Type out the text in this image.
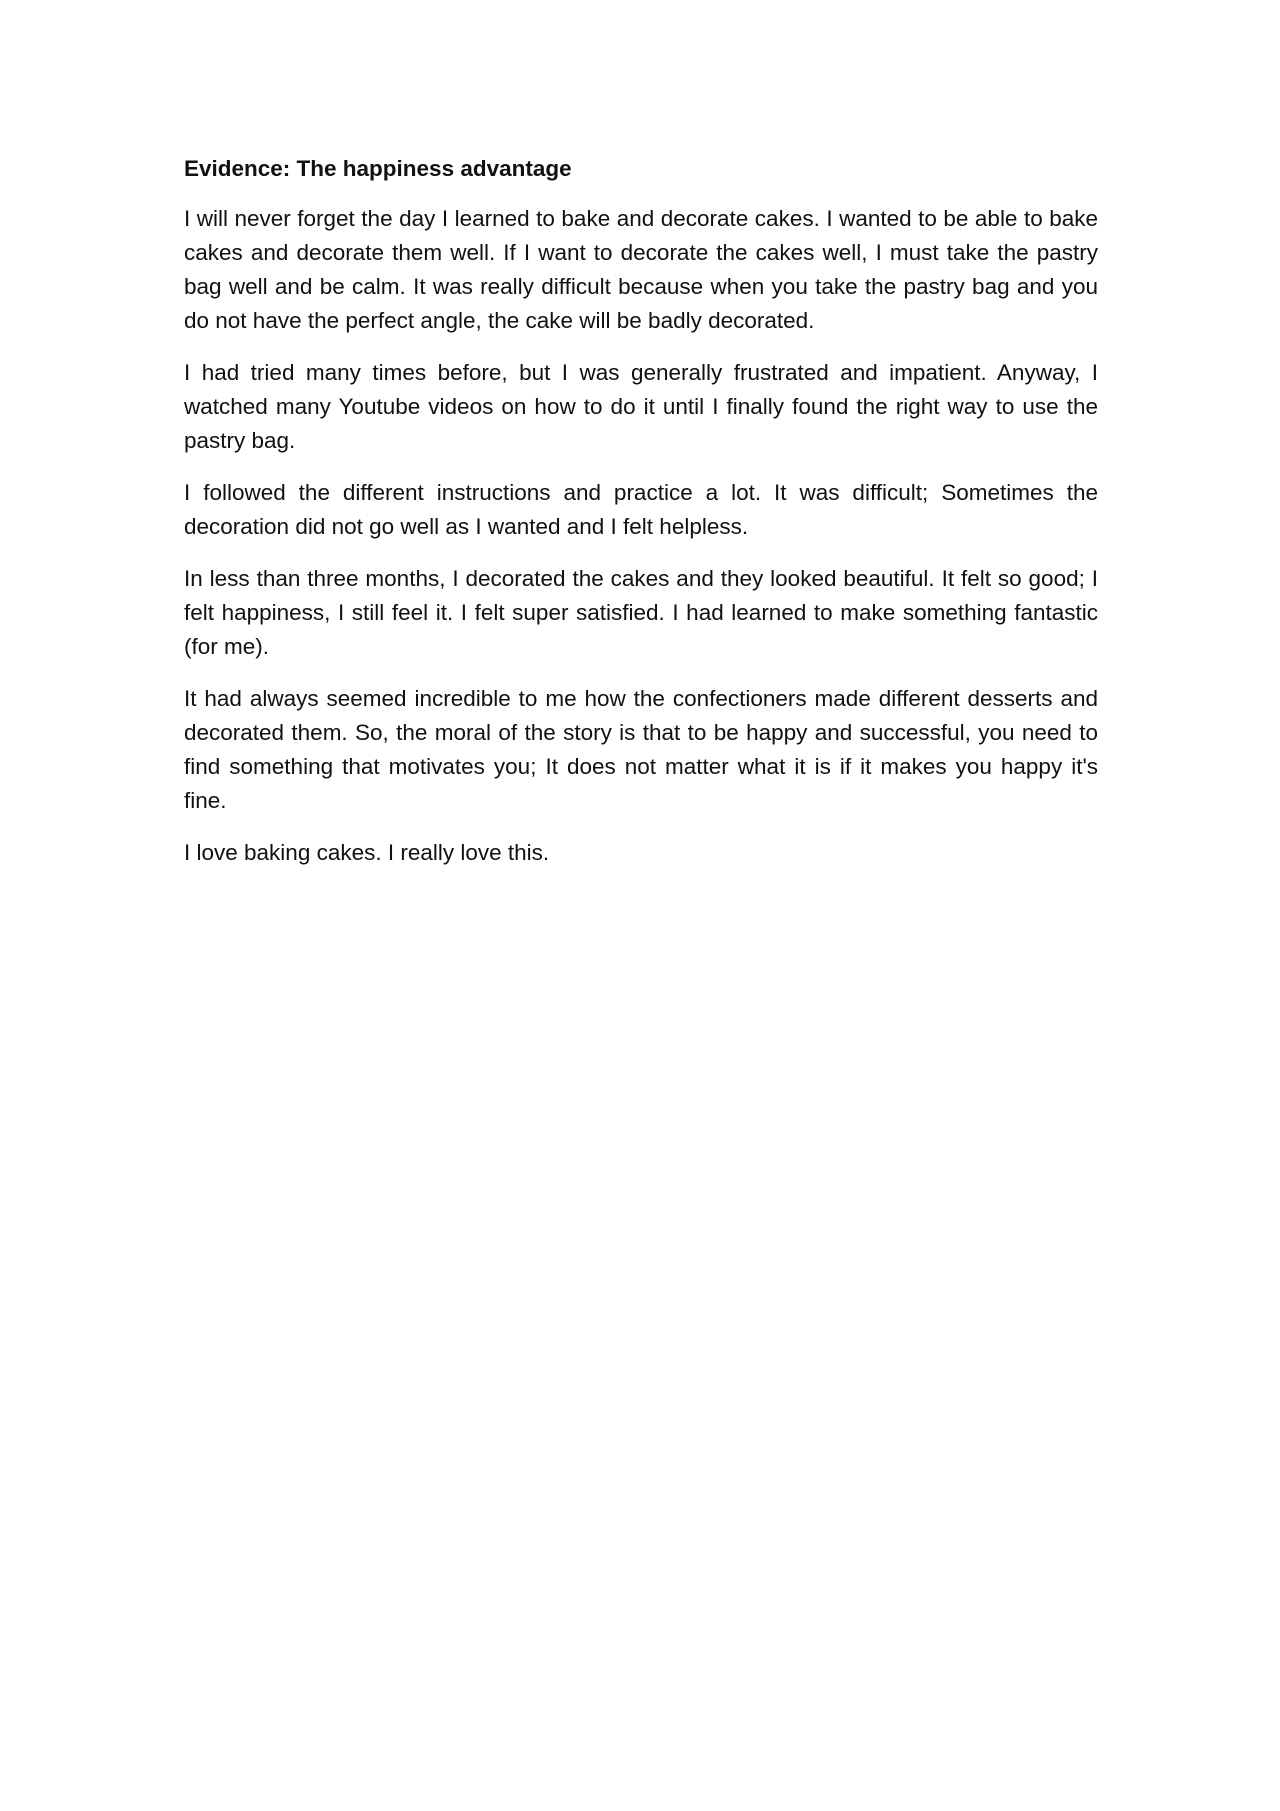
Evidence: The happiness advantage

I will never forget the day I learned to bake and decorate cakes. I wanted to be able to bake cakes and decorate them well. If I want to decorate the cakes well, I must take the pastry bag well and be calm. It was really difficult because when you take the pastry bag and you do not have the perfect angle, the cake will be badly decorated.

I had tried many times before, but I was generally frustrated and impatient. Anyway, I watched many Youtube videos on how to do it until I finally found the right way to use the pastry bag.

I followed the different instructions and practice a lot. It was difficult; Sometimes the decoration did not go well as I wanted and I felt helpless.

In less than three months, I decorated the cakes and they looked beautiful. It felt so good; I felt happiness, I still feel it. I felt super satisfied. I had learned to make something fantastic (for me).

It had always seemed incredible to me how the confectioners made different desserts and decorated them. So, the moral of the story is that to be happy and successful, you need to find something that motivates you; It does not matter what it is if it makes you happy it's fine.

I love baking cakes. I really love this.
